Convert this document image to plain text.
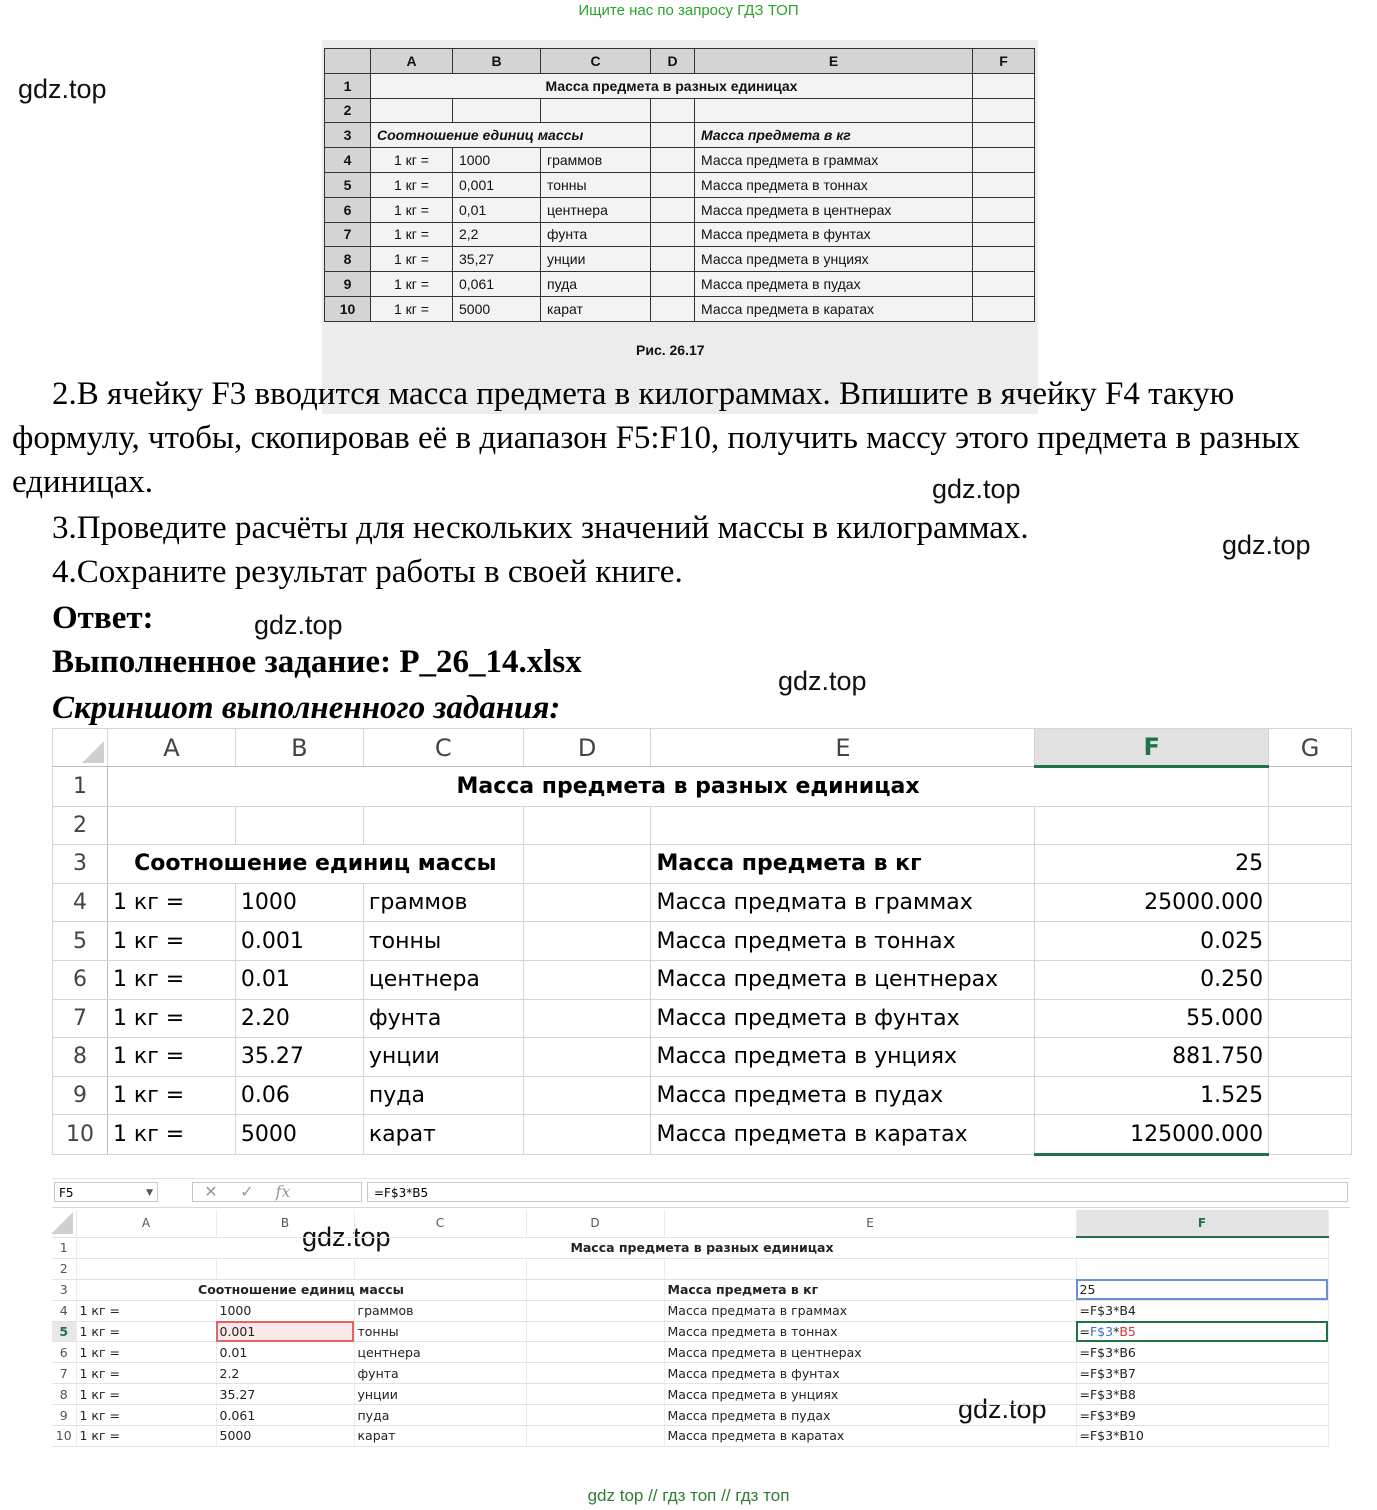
Ищите нас по запросу ГДЗ ТОП
gdz.top
gdz.top
gdz.top
gdz.top
gdz.top
gdz.top
gdz.top
	A	B	C	D	E	F
1	Масса предмета в разных единицах					
2						
3	Соотношение единиц массы				Масса предмета в кг	
4	1 кг =	1000	граммов		Масса предмета в граммах	
5	1 кг =	0,001	тонны		Масса предмета в тоннах	
6	1 кг =	0,01	центнера		Масса предмета в центнерах	
7	1 кг =	2,2	фунта		Масса предмета в фунтах	
8	1 кг =	35,27	унции		Масса предмета в унциях	
9	1 кг =	0,061	пуда		Масса предмета в пудах	
10	1 кг =	5000	карат		Масса предмета в каратах	
Рис. 26.17
2.В ячейку F3 вводится масса предмета в килограммах. Впишите в ячейку F4 такую формулу, чтобы, скопировав её в диапазон F5:F10, получить массу этого предмета в разных единицах.
3.Проведите расчёты для нескольких значений массы в килограммах.
4.Сохраните результат работы в своей книге.
Ответ:
Выполненное задание: Р_26_14.xlsx
Скриншот выполненного задания:
	A	B	C	D	E	F	G
1	Масса предмета в разных единицах						
2							
3	Соотношение единиц массы				Масса предмета в кг	25	
4	1 кг =	1000	граммов		Масса предмата в граммах	25000.000	
5	1 кг =	0.001	тонны		Масса предмета в тоннах	0.025	
6	1 кг =	0.01	центнера		Масса предмета в центнерах	0.250	
7	1 кг =	2.20	фунта		Масса предмета в фунтах	55.000	
8	1 кг =	35.27	унции		Масса предмета в унциях	881.750	
9	1 кг =	0.06	пуда		Масса предмета в пудах	1.525	
10	1 кг =	5000	карат		Масса предмета в каратах	125000.000	
F5	▼	✕ ✓ fx	=F$3*B5
	A	B	C	D	E	F
1	Масса предмета в разных единицах					
2						
3	Соотношение единиц массы				Масса предмета в кг	25
4	1 кг =	1000	граммов		Масса предмата в граммах	=F$3*B4
5	1 кг =	0.001	тонны		Масса предмета в тоннах	=F$3*B5
6	1 кг =	0.01	центнера		Масса предмета в центнерах	=F$3*B6
7	1 кг =	2.2	фунта		Масса предмета в фунтах	=F$3*B7
8	1 кг =	35.27	унции		Масса предмета в унциях	=F$3*B8
9	1 кг =	0.061	пуда		Масса предмета в пудах	=F$3*B9
10	1 кг =	5000	карат		Масса предмета в каратах	=F$3*B10
gdz top // гдз топ // гдз топ
